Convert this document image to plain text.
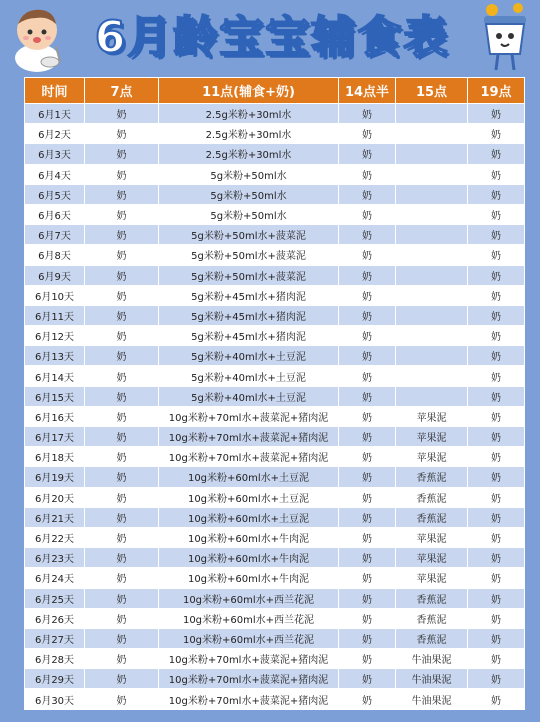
6月龄宝宝辅食表
时间	7点	11点(辅食+奶)	14点半	15点	19点
6月1天	奶	2.5g米粉+30ml水	奶		奶
6月2天	奶	2.5g米粉+30ml水	奶		奶
6月3天	奶	2.5g米粉+30ml水	奶		奶
6月4天	奶	5g米粉+50ml水	奶		奶
6月5天	奶	5g米粉+50ml水	奶		奶
6月6天	奶	5g米粉+50ml水	奶		奶
6月7天	奶	5g米粉+50ml水+菠菜泥	奶		奶
6月8天	奶	5g米粉+50ml水+菠菜泥	奶		奶
6月9天	奶	5g米粉+50ml水+菠菜泥	奶		奶
6月10天	奶	5g米粉+45ml水+猪肉泥	奶		奶
6月11天	奶	5g米粉+45ml水+猪肉泥	奶		奶
6月12天	奶	5g米粉+45ml水+猪肉泥	奶		奶
6月13天	奶	5g米粉+40ml水+土豆泥	奶		奶
6月14天	奶	5g米粉+40ml水+土豆泥	奶		奶
6月15天	奶	5g米粉+40ml水+土豆泥	奶		奶
6月16天	奶	10g米粉+70ml水+菠菜泥+猪肉泥	奶	苹果泥	奶
6月17天	奶	10g米粉+70ml水+菠菜泥+猪肉泥	奶	苹果泥	奶
6月18天	奶	10g米粉+70ml水+菠菜泥+猪肉泥	奶	苹果泥	奶
6月19天	奶	10g米粉+60ml水+土豆泥	奶	香蕉泥	奶
6月20天	奶	10g米粉+60ml水+土豆泥	奶	香蕉泥	奶
6月21天	奶	10g米粉+60ml水+土豆泥	奶	香蕉泥	奶
6月22天	奶	10g米粉+60ml水+牛肉泥	奶	苹果泥	奶
6月23天	奶	10g米粉+60ml水+牛肉泥	奶	苹果泥	奶
6月24天	奶	10g米粉+60ml水+牛肉泥	奶	苹果泥	奶
6月25天	奶	10g米粉+60ml水+西兰花泥	奶	香蕉泥	奶
6月26天	奶	10g米粉+60ml水+西兰花泥	奶	香蕉泥	奶
6月27天	奶	10g米粉+60ml水+西兰花泥	奶	香蕉泥	奶
6月28天	奶	10g米粉+70ml水+菠菜泥+猪肉泥	奶	牛油果泥	奶
6月29天	奶	10g米粉+70ml水+菠菜泥+猪肉泥	奶	牛油果泥	奶
6月30天	奶	10g米粉+70ml水+菠菜泥+猪肉泥	奶	牛油果泥	奶
